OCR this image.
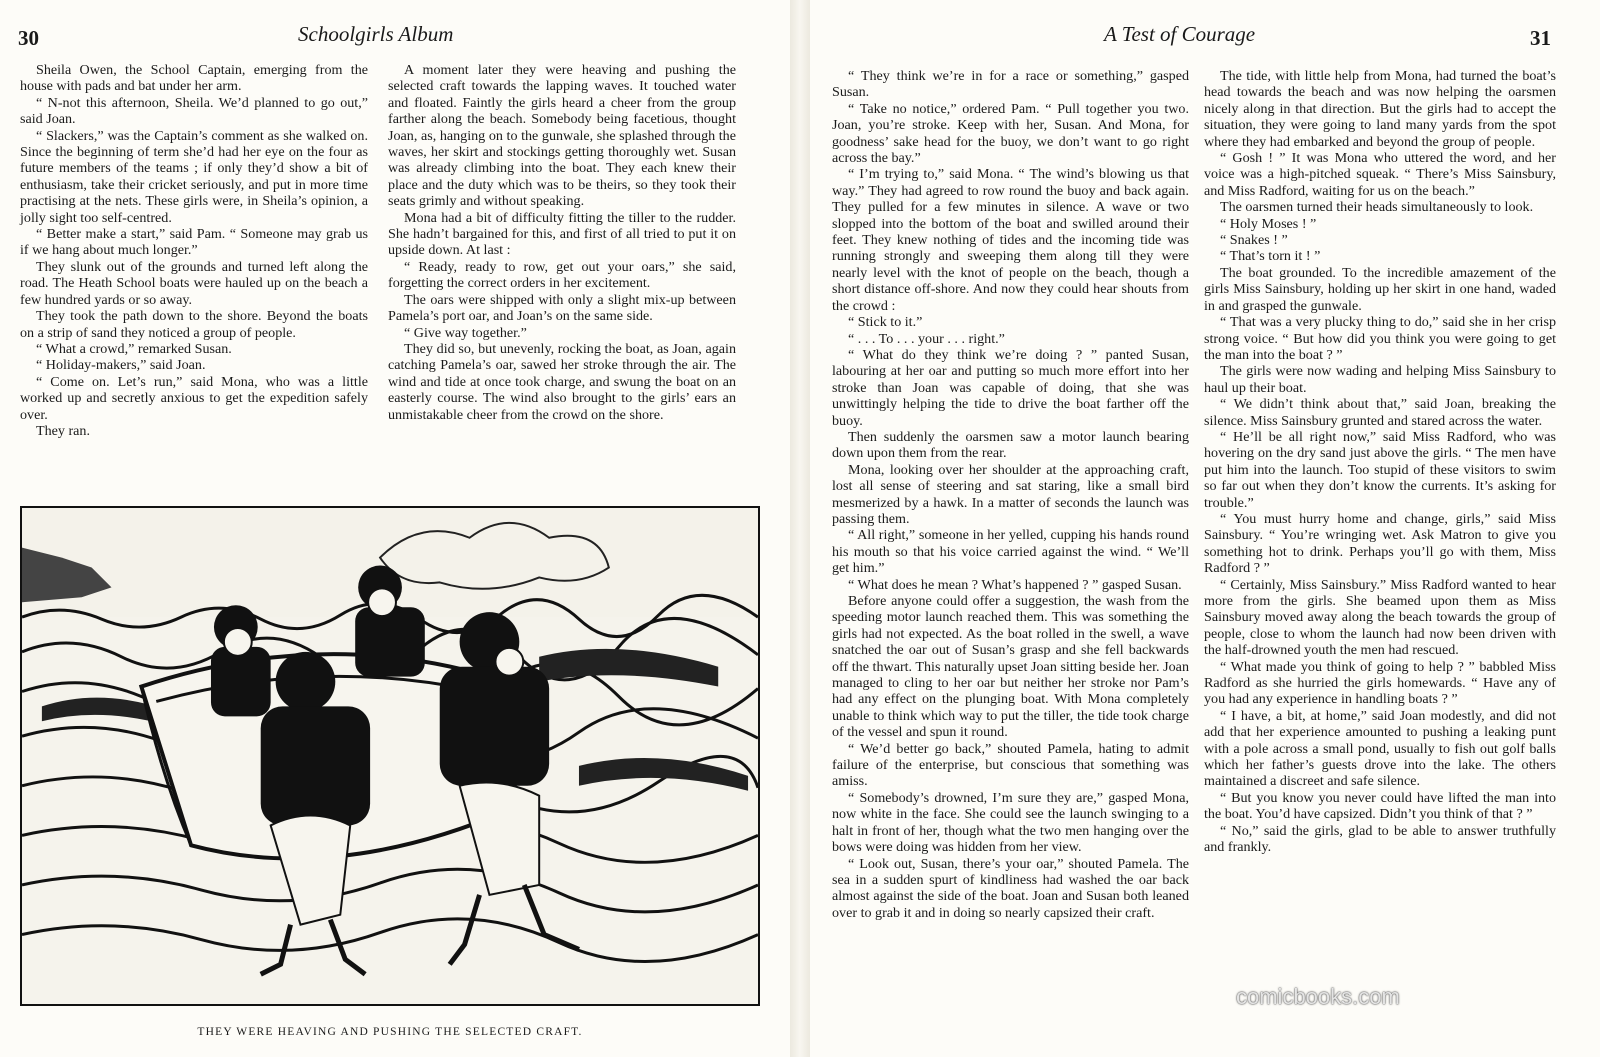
30	Schoolgirls Album

Sheila Owen, the School Captain, emerging from the house with pads and bat under her arm.

“ N-not this afternoon, Sheila. We’d planned to go out,” said Joan.

“ Slackers,” was the Captain’s comment as she walked on. Since the beginning of term she’d had her eye on the four as future members of the teams ; if only they’d show a bit of enthusiasm, take their cricket seriously, and put in more time practising at the nets. These girls were, in Sheila’s opinion, a jolly sight too self-centred.

“ Better make a start,” said Pam. “ Someone may grab us if we hang about much longer.”

They slunk out of the grounds and turned left along the road. The Heath School boats were hauled up on the beach a few hundred yards or so away.

They took the path down to the shore. Beyond the boats on a strip of sand they noticed a group of people.

“ What a crowd,” remarked Susan.

“ Holiday-makers,” said Joan.

“ Come on. Let’s run,” said Mona, who was a little worked up and secretly anxious to get the expedition safely over.

They ran.

A moment later they were heaving and pushing the selected craft towards the lapping waves. It touched water and floated. Faintly the girls heard a cheer from the group farther along the beach. Somebody being facetious, thought Joan, as, hanging on to the gunwale, she splashed through the waves, her skirt and stockings getting thoroughly wet. Susan was already climbing into the boat. They each knew their place and the duty which was to be theirs, so they took their seats grimly and without speaking.

Mona had a bit of difficulty fitting the tiller to the rudder. She hadn’t bargained for this, and first of all tried to put it on upside down. At last :

“ Ready, ready to row, get out your oars,” she said, forgetting the correct orders in her excitement.

The oars were shipped with only a slight mix-up between Pamela’s port oar, and Joan’s on the same side.

“ Give way together.”

They did so, but unevenly, rocking the boat, as Joan, again catching Pamela’s oar, sawed her stroke through the air. The wind and tide at once took charge, and swung the boat on an easterly course. The wind also brought to the girls’ ears an unmistakable cheer from the crowd on the shore.

THEY WERE HEAVING AND PUSHING THE SELECTED CRAFT.
A Test of Courage	31

“ They think we’re in for a race or something,” gasped Susan.

“ Take no notice,” ordered Pam. “ Pull together you two. Joan, you’re stroke. Keep with her, Susan. And Mona, for goodness’ sake head for the buoy, we don’t want to go right across the bay.”

“ I’m trying to,” said Mona. “ The wind’s blowing us that way.” They had agreed to row round the buoy and back again. They pulled for a few minutes in silence. A wave or two slopped into the bottom of the boat and swilled around their feet. They knew nothing of tides and the incoming tide was running strongly and sweeping them along till they were nearly level with the knot of people on the beach, though a short distance off-shore. And now they could hear shouts from the crowd :

“ Stick to it.”

“ . . . To . . . your . . . right.”

“ What do they think we’re doing ? ” panted Susan, labouring at her oar and putting so much more effort into her stroke than Joan was capable of doing, that she was unwittingly helping the tide to drive the boat farther off the buoy.

Then suddenly the oarsmen saw a motor launch bearing down upon them from the rear.

Mona, looking over her shoulder at the approaching craft, lost all sense of steering and sat staring, like a small bird mesmerized by a hawk. In a matter of seconds the launch was passing them.

“ All right,” someone in her yelled, cupping his hands round his mouth so that his voice carried against the wind. “ We’ll get him.”

“ What does he mean ? What’s happened ? ” gasped Susan.

Before anyone could offer a suggestion, the wash from the speeding motor launch reached them. This was something the girls had not expected. As the boat rolled in the swell, a wave snatched the oar out of Susan’s grasp and she fell backwards off the thwart. This naturally upset Joan sitting beside her. Joan managed to cling to her oar but neither her stroke nor Pam’s had any effect on the plunging boat. With Mona completely unable to think which way to put the tiller, the tide took charge of the vessel and spun it round.

“ We’d better go back,” shouted Pamela, hating to admit failure of the enterprise, but conscious that something was amiss.

“ Somebody’s drowned, I’m sure they are,” gasped Mona, now white in the face. She could see the launch swinging to a halt in front of her, though what the two men hanging over the bows were doing was hidden from her view.

“ Look out, Susan, there’s your oar,” shouted Pamela. The sea in a sudden spurt of kindliness had washed the oar back almost against the side of the boat. Joan and Susan both leaned over to grab it and in doing so nearly capsized their craft.

The tide, with little help from Mona, had turned the boat’s head towards the beach and was now helping the oarsmen nicely along in that direction. But the girls had to accept the situation, they were going to land many yards from the spot where they had embarked and beyond the group of people.

“ Gosh ! ” It was Mona who uttered the word, and her voice was a high-pitched squeak. “ There’s Miss Sainsbury, and Miss Radford, waiting for us on the beach.”

The oarsmen turned their heads simultaneously to look.

“ Holy Moses ! ”

“ Snakes ! ”

“ That’s torn it ! ”

The boat grounded. To the incredible amazement of the girls Miss Sainsbury, holding up her skirt in one hand, waded in and grasped the gunwale.

“ That was a very plucky thing to do,” said she in her crisp strong voice. “ But how did you think you were going to get the man into the boat ? ”

The girls were now wading and helping Miss Sainsbury to haul up their boat.

“ We didn’t think about that,” said Joan, breaking the silence. Miss Sainsbury grunted and stared across the water.

“ He’ll be all right now,” said Miss Radford, who was hovering on the dry sand just above the girls. “ The men have put him into the launch. Too stupid of these visitors to swim so far out when they don’t know the currents. It’s asking for trouble.”

“ You must hurry home and change, girls,” said Miss Sainsbury. “ You’re wringing wet. Ask Matron to give you something hot to drink. Perhaps you’ll go with them, Miss Radford ? ”

“ Certainly, Miss Sainsbury.” Miss Radford wanted to hear more from the girls. She beamed upon them as Miss Sainsbury moved away along the beach towards the group of people, close to whom the launch had now been driven with the half-drowned youth the men had rescued.

“ What made you think of going to help ? ” babbled Miss Radford as she hurried the girls homewards. “ Have any of you had any experience in handling boats ? ”

“ I have, a bit, at home,” said Joan modestly, and did not add that her experience amounted to pushing a leaking punt with a pole across a small pond, usually to fish out golf balls which her father’s guests drove into the lake. The others maintained a discreet and safe silence.

“ But you know you never could have lifted the man into the boat. You’d have capsized. Didn’t you think of that ? ”

“ No,” said the girls, glad to be able to answer truthfully and frankly.

comicbooks.com
